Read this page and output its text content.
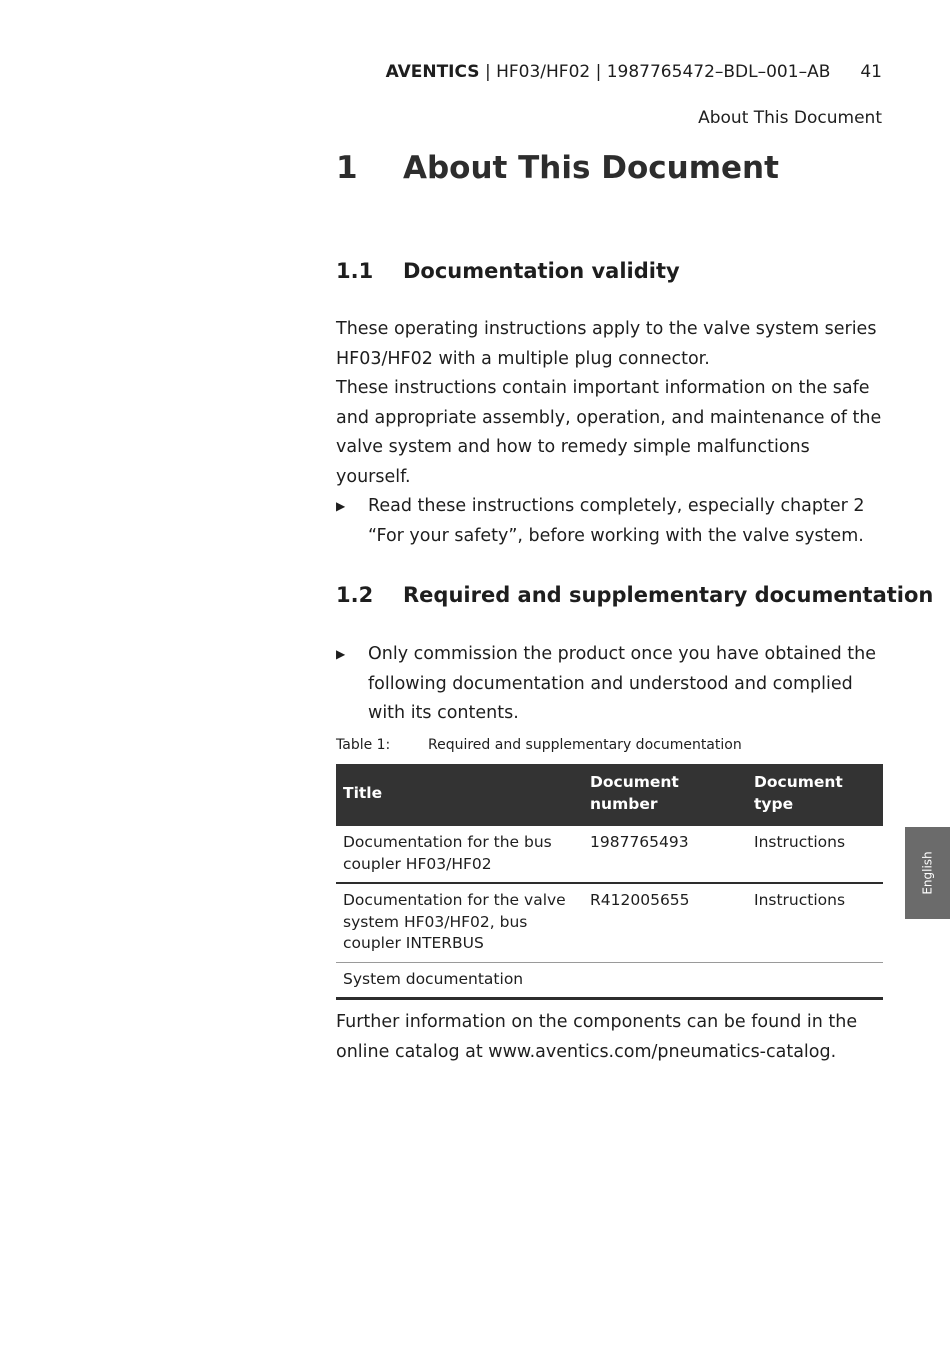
AVENTICS | HF03/HF02 | 1987765472–BDL–001–AB 41
About This Document
1 About This Document
1.1 Documentation validity

These operating instructions apply to the valve system series HF03/HF02 with a multiple plug connector.

These instructions contain important information on the safe and appropriate assembly, operation, and maintenance of the valve system and how to remedy simple malfunctions yourself.

▶ Read these instructions completely, especially chapter 2 “For your safety”, before working with the valve system.
1.2 Required and supplementary documentation
▶ Only commission the product once you have obtained the following documentation and understood and complied with its contents.
Table 1:	Required and supplementary documentation
Title	Document number	Document type
Documentation for the bus coupler HF03/HF02	1987765493	Instructions
Documentation for the valve system HF03/HF02, bus coupler INTERBUS	R412005655	Instructions
System documentation		

Further information on the components can be found in the online catalog at www.aventics.com/pneumatics-catalog.

English
